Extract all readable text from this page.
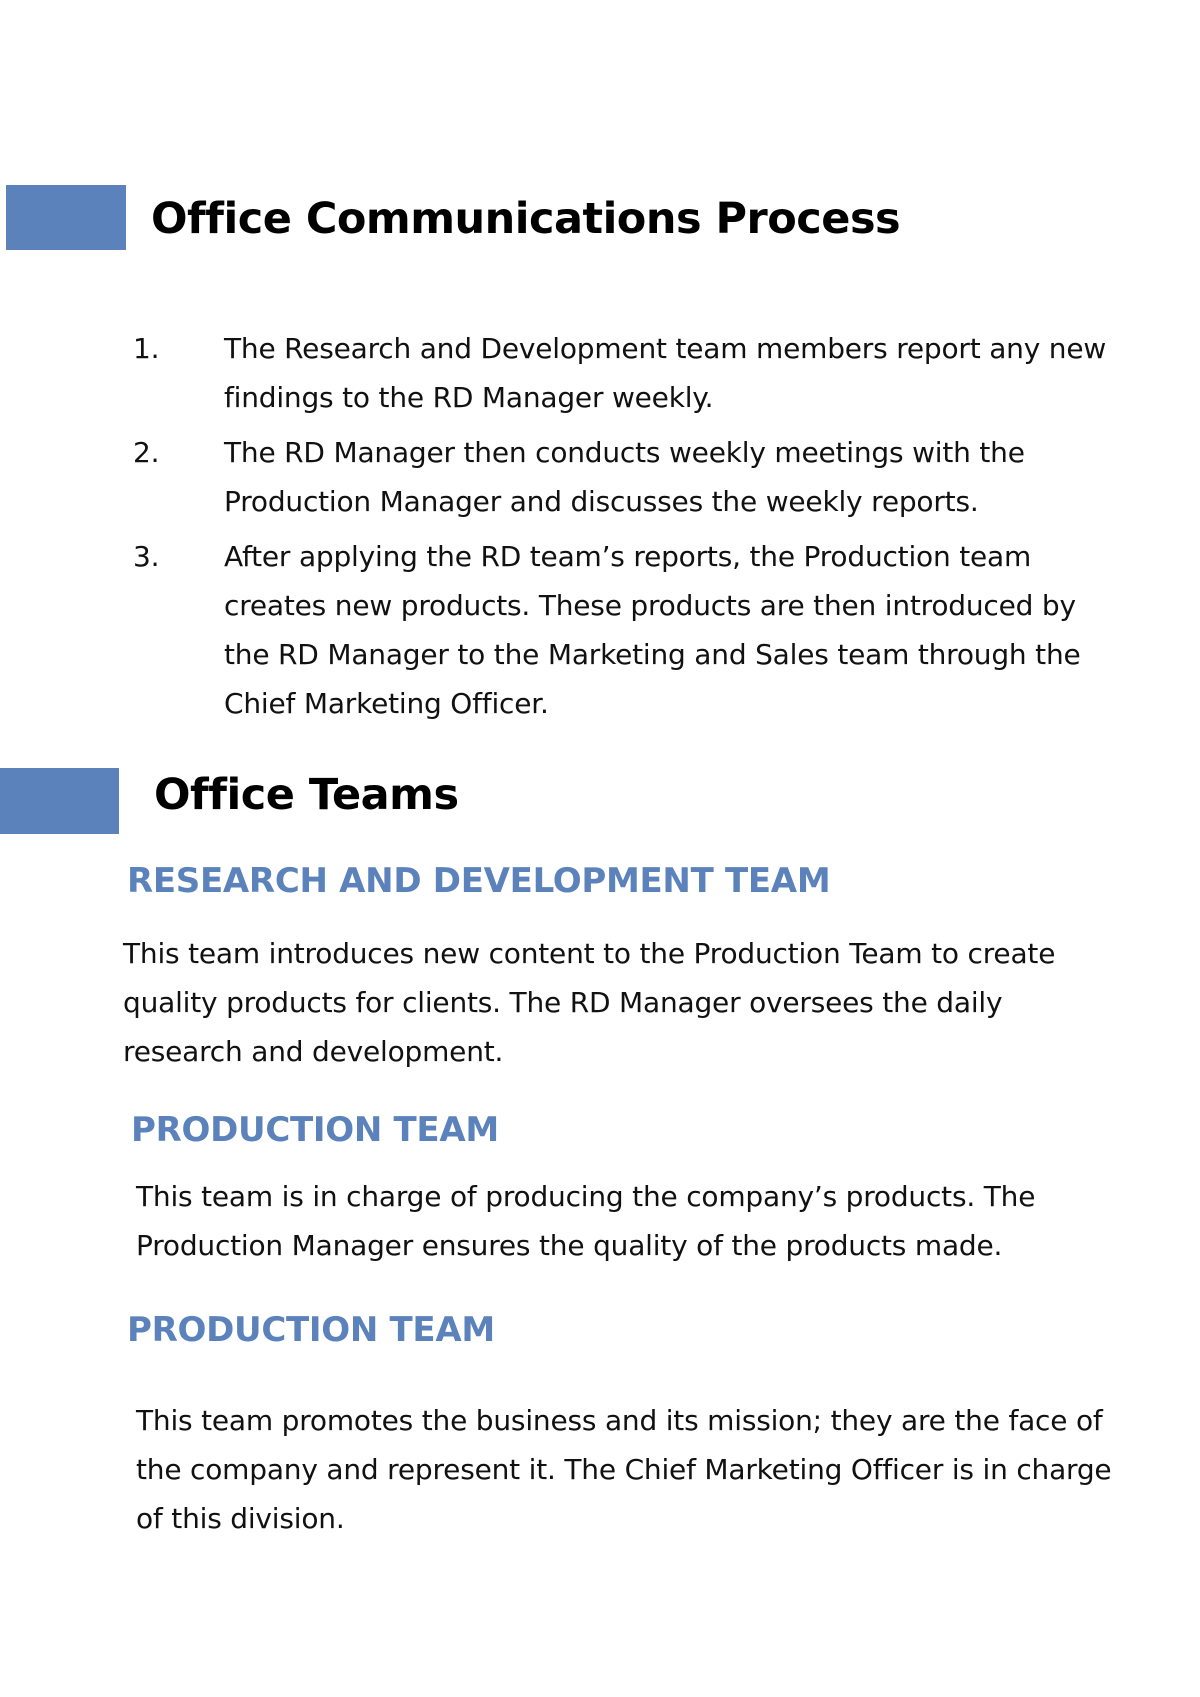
Office Communications Process
1. The Research and Development team members report any new findings to the RD Manager weekly.
2. The RD Manager then conducts weekly meetings with the Production Manager and discusses the weekly reports.
3. After applying the RD team’s reports, the Production team creates new products. These products are then introduced by the RD Manager to the Marketing and Sales team through the Chief Marketing Officer.
Office Teams
RESEARCH AND DEVELOPMENT TEAM

This team introduces new content to the Production Team to create quality products for clients. The RD Manager oversees the daily research and development.

PRODUCTION TEAM

This team is in charge of producing the company’s products. The Production Manager ensures the quality of the products made.

PRODUCTION TEAM

This team promotes the business and its mission; they are the face of the company and represent it. The Chief Marketing Officer is in charge of this division.
